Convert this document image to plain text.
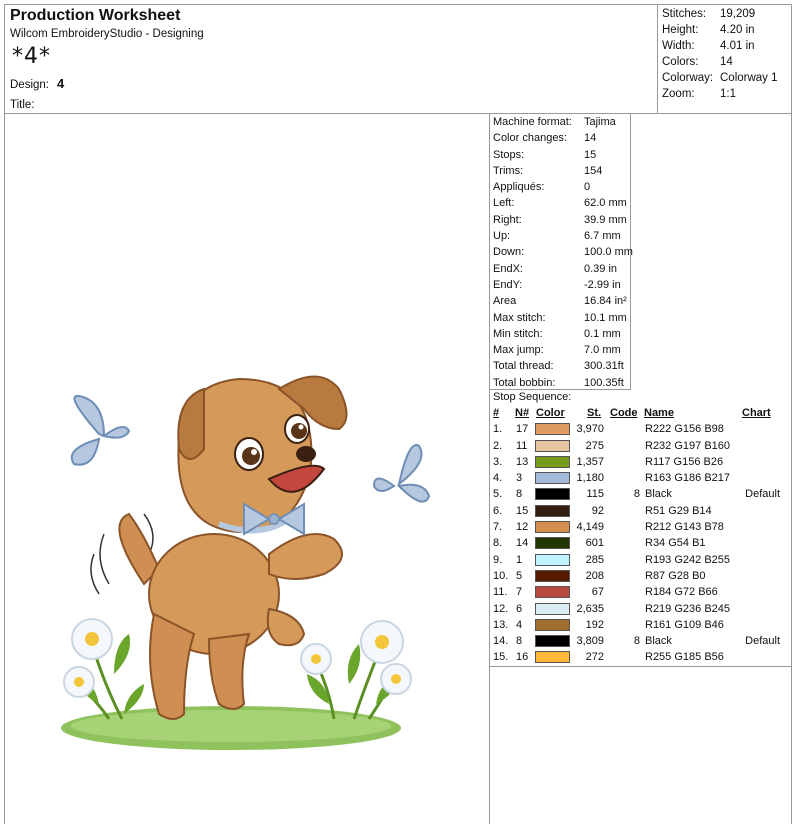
Production Worksheet
Wilcom EmbroideryStudio - Designing
*4*
Design: 4
Title:
Stitches:	19,209
Height:	4.20 in
Width:	4.01 in
Colors:	14
Colorway: Colorway 1
Zoom:	1:1
Machine format:	Tajima
Color changes:	14
Stops:	15
Trims:	154
Appliqués:	0
Left:	62.0 mm
Right:	39.9 mm
Up:	6.7 mm
Down:	100.0 mm
EndX:	0.39 in
EndY:	-2.99 in
Area	16.84 in²
Max stitch:	10.1 mm
Min stitch:	0.1 mm
Max jump:	7.0 mm
Total thread:	300.31ft
Total bobbin:	100.35ft
Stop Sequence:
# N# Color St. Code Name	Chart
1. 17	3,970	R222 G156 B98
2. 11	275	R232 G197 B160
3. 13	1,357	R117 G156 B26
4. 3	1,180	R163 G186 B217
5. 8	115	8 Black	Default
6. 15	92	R51 G29 B14
7. 12	4,149	R212 G143 B78
8. 14	601	R34 G54 B1
9. 1	285	R193 G242 B255
10. 5	208	R87 G28 B0
11. 7	67	R184 G72 B66
12. 6	2,635	R219 G236 B245
13. 4	192	R161 G109 B46
14. 8	3,809	8 Black	Default
15. 16	272	R255 G185 B56
